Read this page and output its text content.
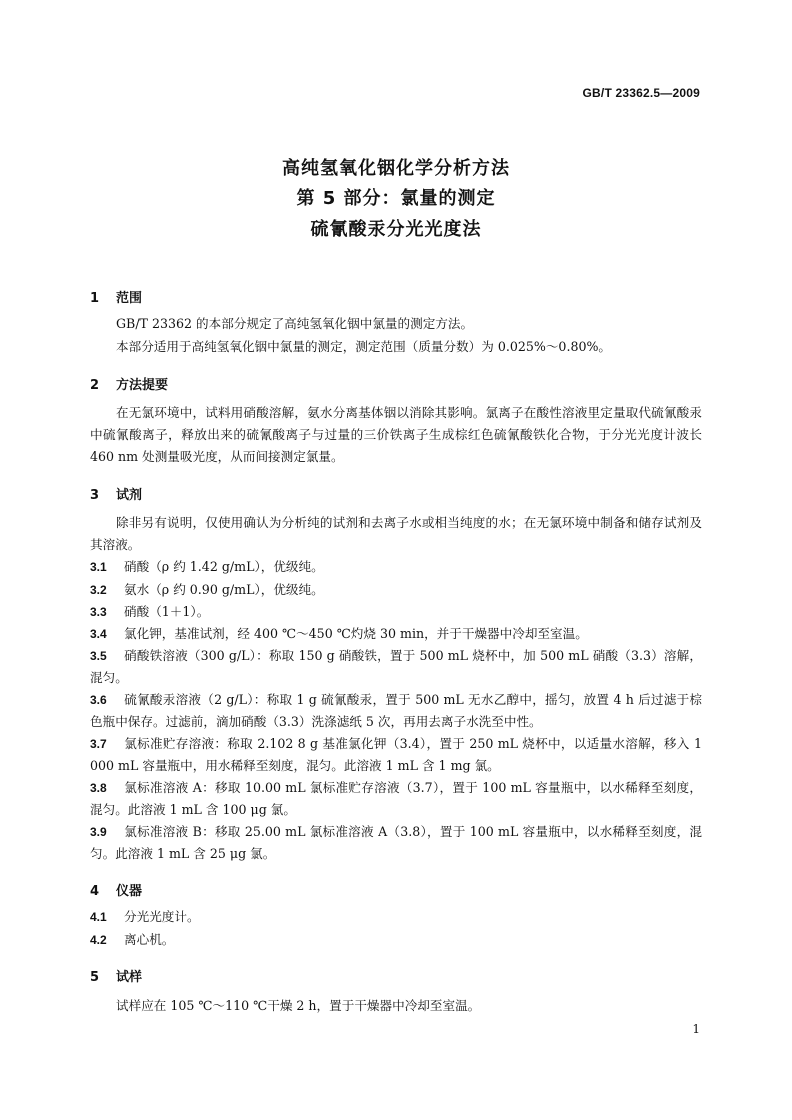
GB/T 23362.5—2009
高纯氢氧化铟化学分析方法
第 5 部分：氯量的测定
硫氰酸汞分光光度法
1 范围

GB/T 23362 的本部分规定了高纯氢氧化铟中氯量的测定方法。

本部分适用于高纯氢氧化铟中氯量的测定，测定范围（质量分数）为 0.025%～0.80%。

2 方法提要

在无氯环境中，试料用硝酸溶解，氨水分离基体铟以消除其影响。氯离子在酸性溶液里定量取代硫氰酸汞中硫氰酸离子，释放出来的硫氰酸离子与过量的三价铁离子生成棕红色硫氰酸铁化合物，于分光光度计波长 460 nm 处测量吸光度，从而间接测定氯量。

3 试剂

除非另有说明，仅使用确认为分析纯的试剂和去离子水或相当纯度的水；在无氯环境中制备和储存试剂及其溶液。

3.1 硝酸（ρ 约 1.42 g/mL），优级纯。

3.2 氨水（ρ 约 0.90 g/mL），优级纯。

3.3 硝酸（1＋1）。

3.4 氯化钾，基准试剂，经 400 ℃～450 ℃灼烧 30 min，并于干燥器中冷却至室温。

3.5 硝酸铁溶液（300 g/L）：称取 150 g 硝酸铁，置于 500 mL 烧杯中，加 500 mL 硝酸（3.3）溶解，混匀。

3.6 硫氰酸汞溶液（2 g/L）：称取 1 g 硫氰酸汞，置于 500 mL 无水乙醇中，摇匀，放置 4 h 后过滤于棕色瓶中保存。过滤前，滴加硝酸（3.3）洗涤滤纸 5 次，再用去离子水洗至中性。

3.7 氯标准贮存溶液：称取 2.102 8 g 基准氯化钾（3.4），置于 250 mL 烧杯中，以适量水溶解，移入 1 000 mL 容量瓶中，用水稀释至刻度，混匀。此溶液 1 mL 含 1 mg 氯。

3.8 氯标准溶液 A：移取 10.00 mL 氯标准贮存溶液（3.7），置于 100 mL 容量瓶中，以水稀释至刻度，混匀。此溶液 1 mL 含 100 μg 氯。

3.9 氯标准溶液 B：移取 25.00 mL 氯标准溶液 A（3.8），置于 100 mL 容量瓶中，以水稀释至刻度，混匀。此溶液 1 mL 含 25 μg 氯。

4 仪器

4.1 分光光度计。

4.2 离心机。

5 试样

试样应在 105 ℃～110 ℃干燥 2 h，置于干燥器中冷却至室温。

1
